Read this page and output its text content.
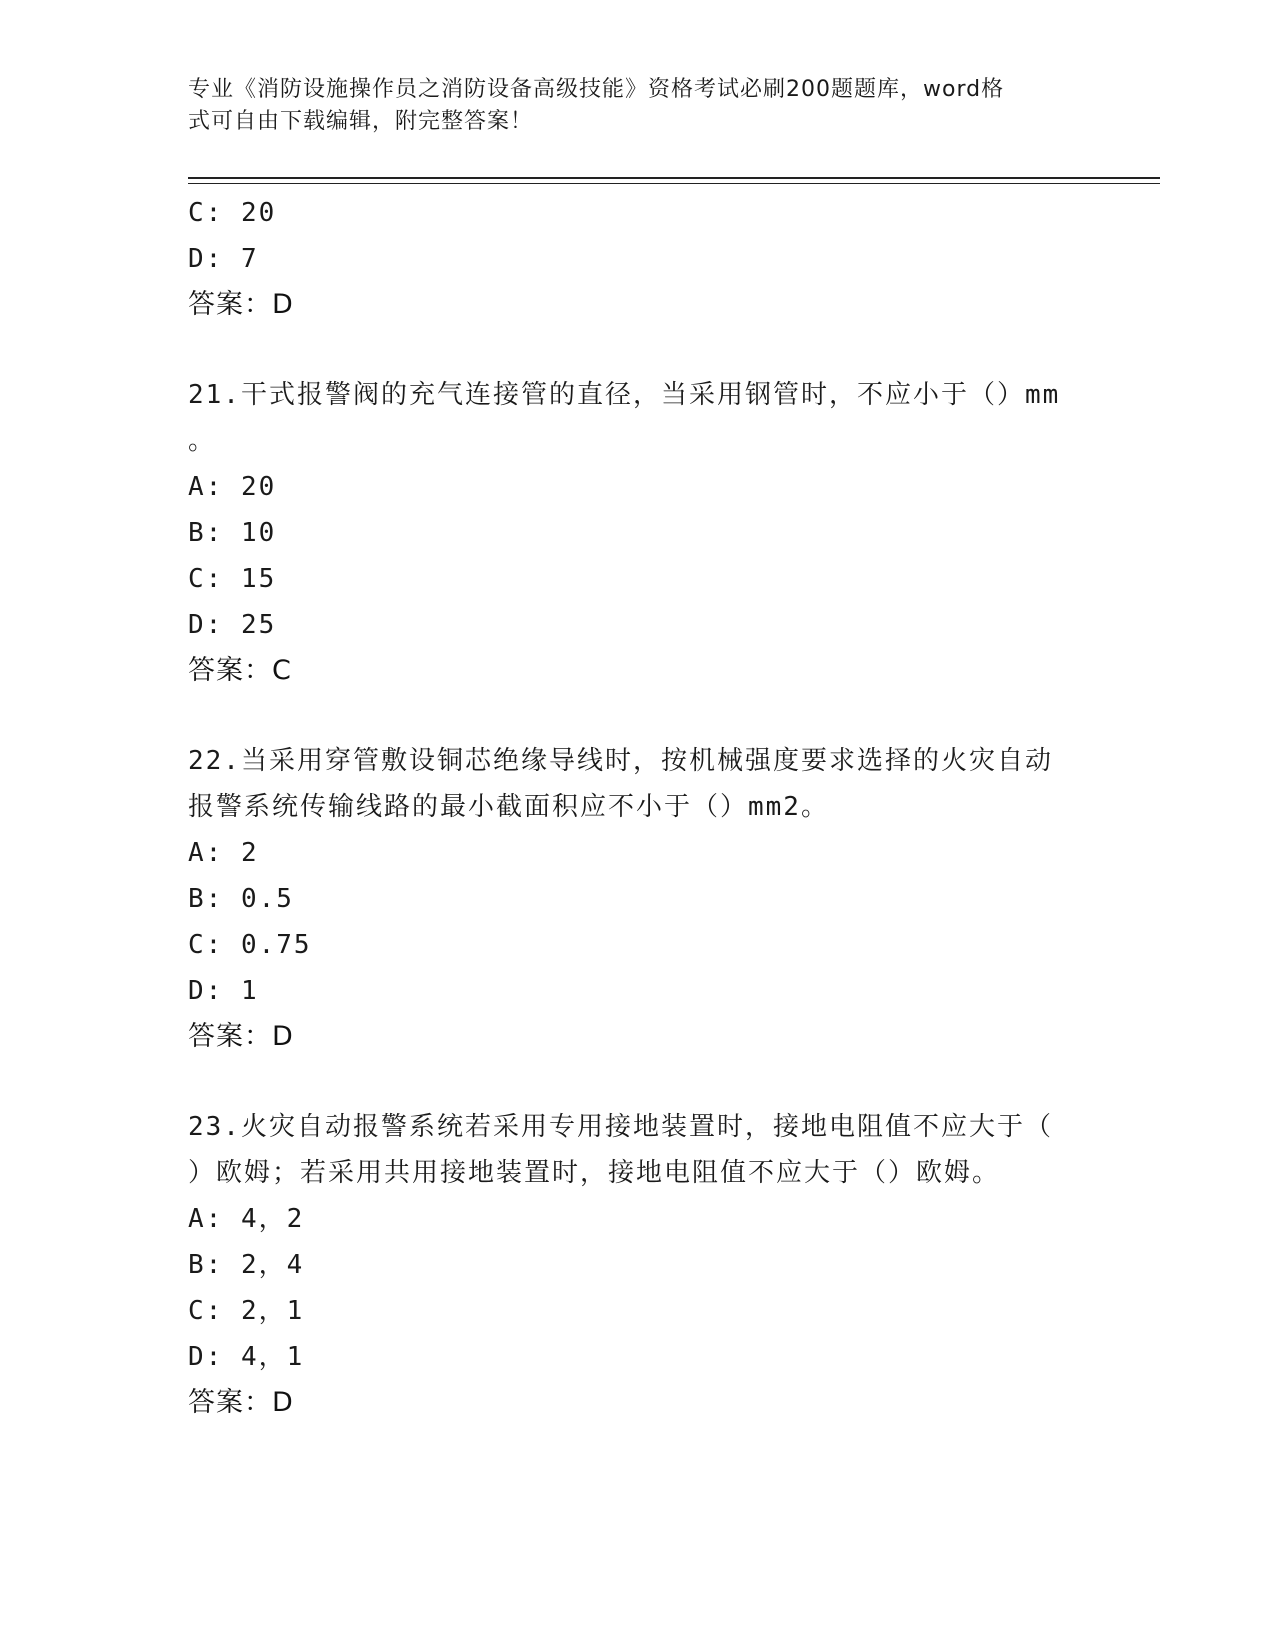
专业《消防设施操作员之消防设备高级技能》资格考试必刷200题题库，word格
式可自由下载编辑，附完整答案！
C: 20
D: 7
答案：D
21.干式报警阀的充气连接管的直径，当采用钢管时，不应小于（）mm
。
A: 20
B: 10
C: 15
D: 25
答案：C
22.当采用穿管敷设铜芯绝缘导线时，按机械强度要求选择的火灾自动
报警系统传输线路的最小截面积应不小于（）mm2。
A: 2
B: 0.5
C: 0.75
D: 1
答案：D
23.火灾自动报警系统若采用专用接地装置时，接地电阻值不应大于（
）欧姆；若采用共用接地装置时，接地电阻值不应大于（）欧姆。
A: 4，2
B: 2，4
C: 2，1
D: 4，1
答案：D
